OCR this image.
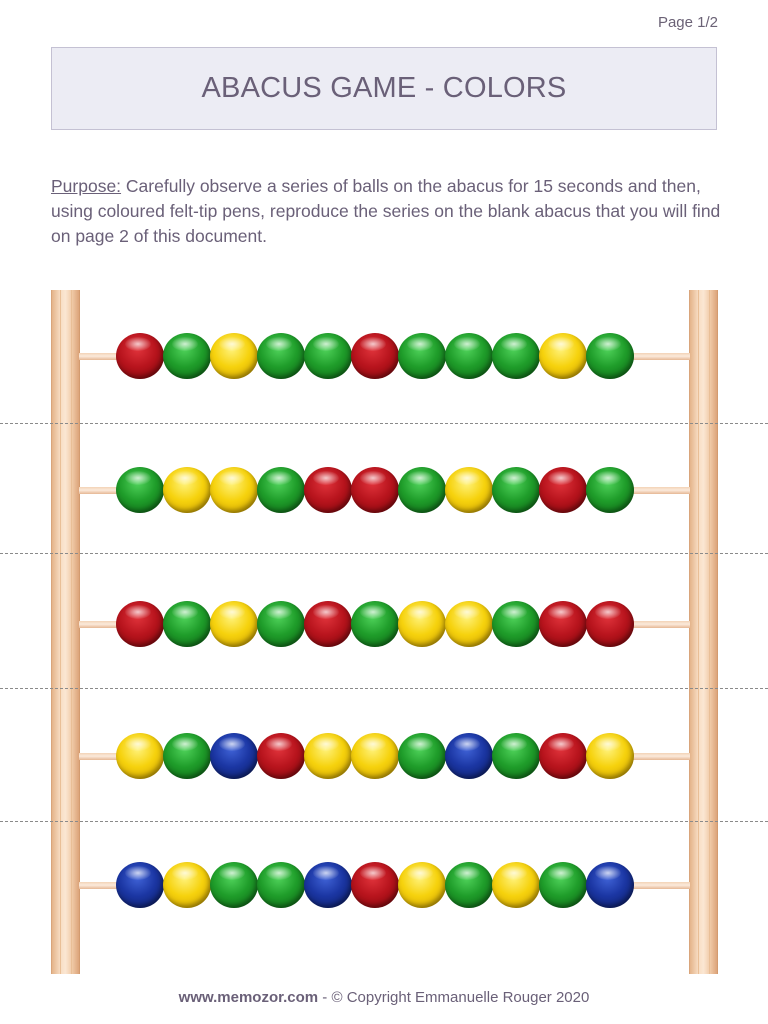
Page 1/2
ABACUS GAME - COLORS

Purpose: Carefully observe a series of balls on the abacus for 15 seconds and then, using coloured felt-tip pens, reproduce the series on the blank abacus that you will find on page 2 of this document.

www.memozor.com - © Copyright Emmanuelle Rouger 2020
